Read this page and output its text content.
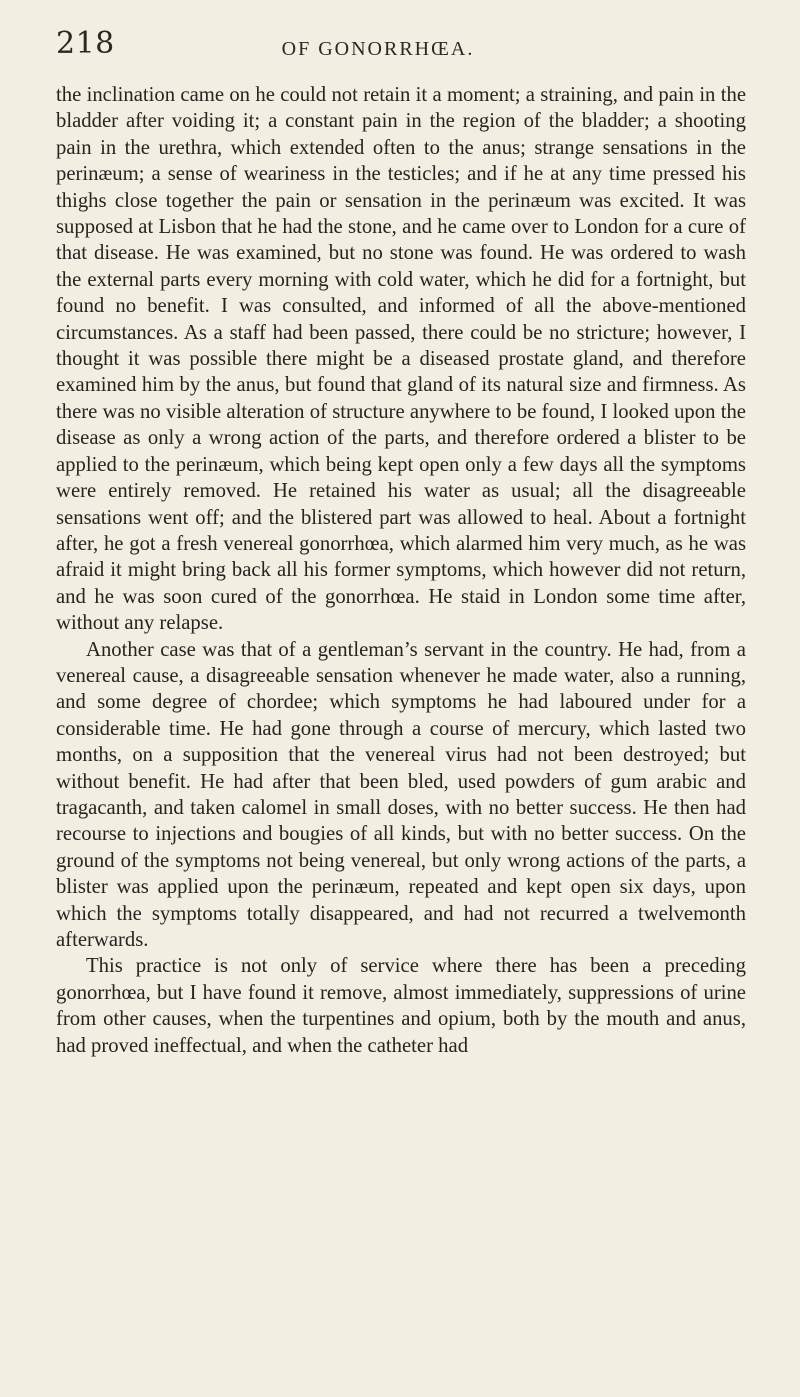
218	OF GONORRHŒA.

the inclination came on he could not retain it a moment; a straining, and pain in the bladder after voiding it; a constant pain in the region of the bladder; a shooting pain in the urethra, which extended often to the anus; strange sensations in the perinæum; a sense of weariness in the testicles; and if he at any time pressed his thighs close together the pain or sensation in the perinæum was excited. It was supposed at Lisbon that he had the stone, and he came over to London for a cure of that disease. He was examined, but no stone was found. He was ordered to wash the external parts every morning with cold water, which he did for a fortnight, but found no benefit. I was consulted, and informed of all the above-mentioned circumstances. As a staff had been passed, there could be no stricture; however, I thought it was possible there might be a diseased prostate gland, and therefore examined him by the anus, but found that gland of its natural size and firmness. As there was no visible alteration of structure anywhere to be found, I looked upon the disease as only a wrong action of the parts, and therefore ordered a blister to be applied to the perinæum, which being kept open only a few days all the symptoms were entirely removed. He retained his water as usual; all the disagreeable sensations went off; and the blistered part was allowed to heal. About a fortnight after, he got a fresh venereal gonorrhœa, which alarmed him very much, as he was afraid it might bring back all his former symptoms, which however did not return, and he was soon cured of the gonorrhœa. He staid in London some time after, without any relapse.

Another case was that of a gentleman’s servant in the country. He had, from a venereal cause, a disagreeable sensation whenever he made water, also a running, and some degree of chordee; which symptoms he had laboured under for a considerable time. He had gone through a course of mercury, which lasted two months, on a supposition that the venereal virus had not been destroyed; but without benefit. He had after that been bled, used powders of gum arabic and tragacanth, and taken calomel in small doses, with no better success. He then had recourse to injections and bougies of all kinds, but with no better success. On the ground of the symptoms not being venereal, but only wrong actions of the parts, a blister was applied upon the perinæum, repeated and kept open six days, upon which the symptoms totally disappeared, and had not recurred a twelvemonth afterwards.

This practice is not only of service where there has been a preceding gonorrhœa, but I have found it remove, almost immediately, suppressions of urine from other causes, when the turpentines and opium, both by the mouth and anus, had proved ineffectual, and when the catheter had
